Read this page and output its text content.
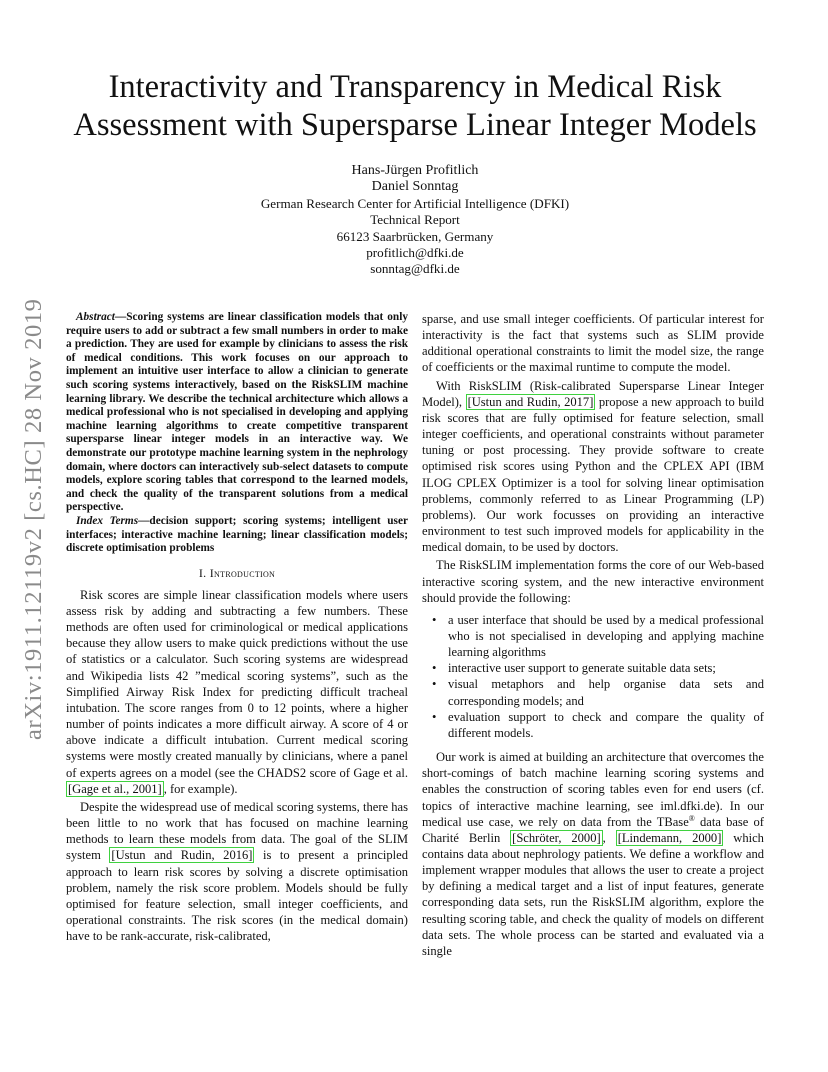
arXiv:1911.12119v2 [cs.HC] 28 Nov 2019
Interactivity and Transparency in Medical Risk Assessment with Supersparse Linear Integer Models
Hans-Jürgen Profitlich
Daniel Sonntag
German Research Center for Artificial Intelligence (DFKI)
Technical Report
66123 Saarbrücken, Germany
profitlich@dfki.de
sonntag@dfki.de

Abstract—Scoring systems are linear classification models that only require users to add or subtract a few small numbers in order to make a prediction. They are used for example by clinicians to assess the risk of medical conditions. This work focuses on our approach to implement an intuitive user interface to allow a clinician to generate such scoring systems interactively, based on the RiskSLIM machine learning library. We describe the technical architecture which allows a medical professional who is not specialised in developing and applying machine learning algorithms to create competitive transparent supersparse linear integer models in an interactive way. We demonstrate our prototype machine learning system in the nephrology domain, where doctors can interactively sub-select datasets to compute models, explore scoring tables that correspond to the learned models, and check the quality of the transparent solutions from a medical perspective.

Index Terms—decision support; scoring systems; intelligent user interfaces; interactive machine learning; linear classification models; discrete optimisation problems

I. Introduction

Risk scores are simple linear classification models where users assess risk by adding and subtracting a few numbers. These methods are often used for criminological or medical applications because they allow users to make quick predictions without the use of statistics or a calculator. Such scoring systems are widespread and Wikipedia lists 42 ”medical scoring systems”, such as the Simplified Airway Risk Index for predicting difficult tracheal intubation. The score ranges from 0 to 12 points, where a higher number of points indicates a more difficult airway. A score of 4 or above indicate a difficult intubation. Current medical scoring systems were mostly created manually by clinicians, where a panel of experts agrees on a model (see the CHADS2 score of Gage et al. [Gage et al., 2001] , for example).

Despite the widespread use of medical scoring systems, there has been little to no work that has focused on machine learning methods to learn these models from data. The goal of the SLIM system [Ustun and Rudin, 2016] is to present a principled approach to learn risk scores by solving a discrete optimisation problem, namely the risk score problem. Models should be fully optimised for feature selection, small integer coefficients, and operational constraints. The risk scores (in the medical domain) have to be rank-accurate, risk-calibrated,

sparse, and use small integer coefficients. Of particular interest for interactivity is the fact that systems such as SLIM provide additional operational constraints to limit the model size, the range of coefficients or the maximal runtime to compute the model.

With RiskSLIM (Risk-calibrated Supersparse Linear Integer Model), [Ustun and Rudin, 2017] propose a new approach to build risk scores that are fully optimised for feature selection, small integer coefficients, and operational constraints without parameter tuning or post processing. They provide software to create optimised risk scores using Python and the CPLEX API (IBM ILOG CPLEX Optimizer is a tool for solving linear optimisation problems, commonly referred to as Linear Programming (LP) problems). Our work focusses on providing an interactive environment to test such improved models for applicability in the medical domain, to be used by doctors.

The RiskSLIM implementation forms the core of our Web-based interactive scoring system, and the new interactive environment should provide the following:

• a user interface that should be used by a medical professional who is not specialised in developing and applying machine learning algorithms
• interactive user support to generate suitable data sets;
• visual metaphors and help organise data sets and corresponding models; and
• evaluation support to check and compare the quality of different models.

Our work is aimed at building an architecture that overcomes the short-comings of batch machine learning scoring systems and enables the construction of scoring tables even for end users (cf. topics of interactive machine learning, see iml.dfki.de). In our medical use case, we rely on data from the TBase® data base of Charité Berlin [Schröter, 2000] , [Lindemann, 2000] which contains data about nephrology patients. We define a workflow and implement wrapper modules that allows the user to create a project by defining a medical target and a list of input features, generate corresponding data sets, run the RiskSLIM algorithm, explore the resulting scoring table, and check the quality of models on different data sets. The whole process can be started and evaluated via a single
